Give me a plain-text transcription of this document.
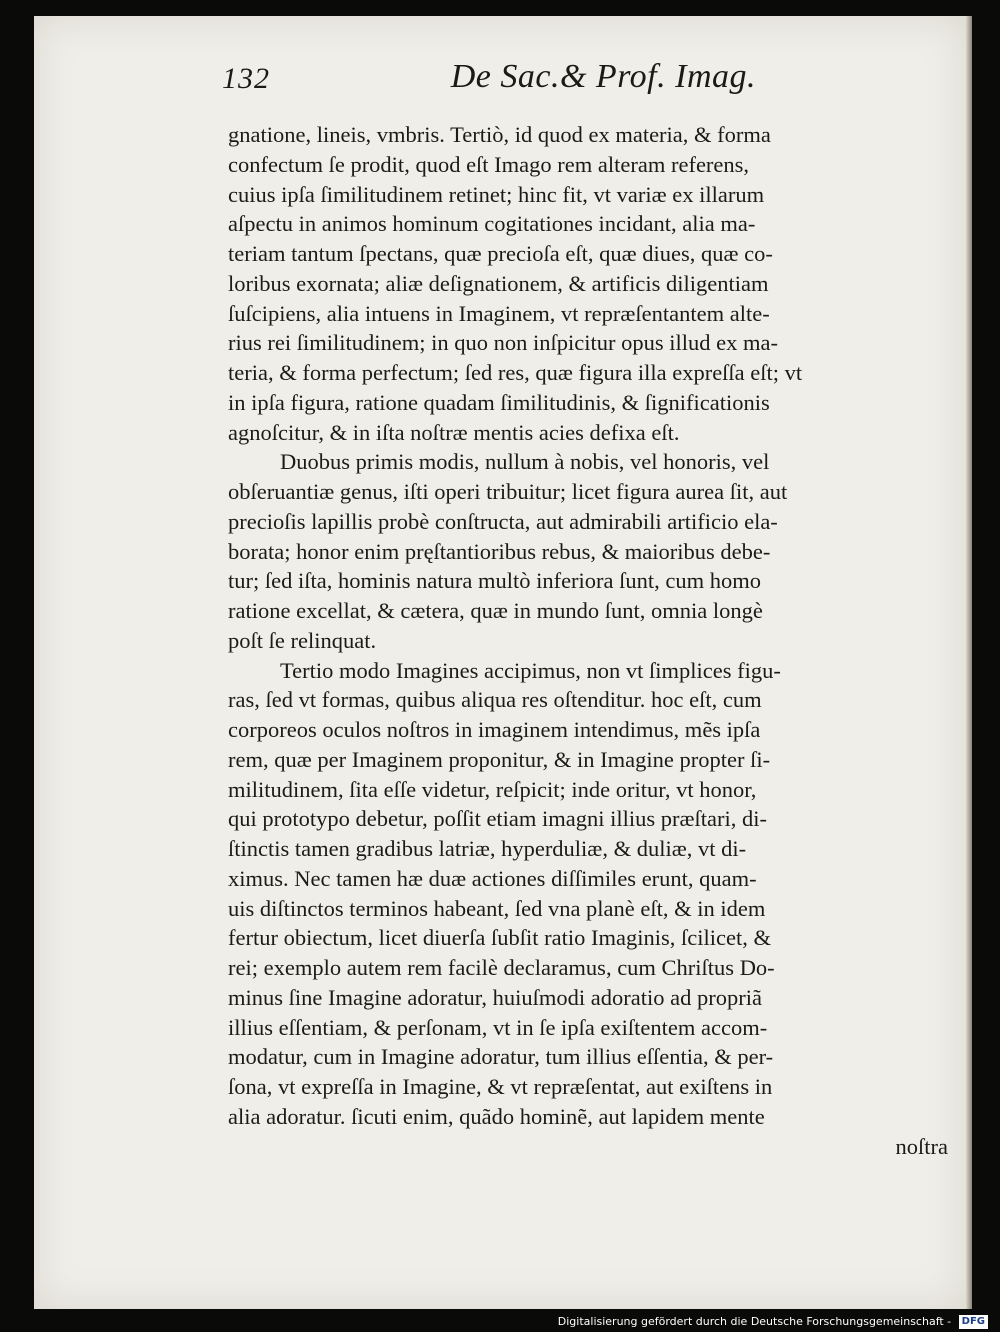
132	De Sac.& Prof. Imag.
gnatione, lineis, vmbris. Tertiò, id quod ex materia, & forma
confectum ſe prodit, quod eſt Imago rem alteram referens,
cuius ipſa ſimilitudinem retinet; hinc fit, vt variæ ex illarum
aſpectu in animos hominum cogitationes incidant, alia ma-
teriam tantum ſpectans, quæ precioſa eſt, quæ diues, quæ co-
loribus exornata; aliæ deſignationem, & artificis diligentiam
ſuſcipiens, alia intuens in Imaginem, vt repræſentantem alte-
rius rei ſimilitudinem; in quo non inſpicitur opus illud ex ma-
teria, & forma perfectum; ſed res, quæ figura illa expreſſa eſt; vt
in ipſa figura, ratione quadam ſimilitudinis, & ſignificationis
agnoſcitur, & in iſta noſtræ mentis acies defixa eſt.
Duobus primis modis, nullum à nobis, vel honoris, vel
obſeruantiæ genus, iſti operi tribuitur; licet figura aurea ſit, aut
precioſis lapillis probè conſtructa, aut admirabili artificio ela-
borata; honor enim pręſtantioribus rebus, & maioribus debe-
tur; ſed iſta, hominis natura multò inferiora ſunt, cum homo
ratione excellat, & cætera, quæ in mundo ſunt, omnia longè
poſt ſe relinquat.
Tertio modo Imagines accipimus, non vt ſimplices figu-
ras, ſed vt formas, quibus aliqua res oſtenditur. hoc eſt, cum
corporeos oculos noſtros in imaginem intendimus, mẽs ipſa
rem, quæ per Imaginem proponitur, & in Imagine propter ſi-
militudinem, ſita eſſe videtur, reſpicit; inde oritur, vt honor,
qui prototypo debetur, poſſit etiam imagni illius præſtari, di-
ſtinctis tamen gradibus latriæ, hyperduliæ, & duliæ, vt di-
ximus. Nec tamen hæ duæ actiones diſſimiles erunt, quam-
uis diſtinctos terminos habeant, ſed vna planè eſt, & in idem
fertur obiectum, licet diuerſa ſubſit ratio Imaginis, ſcilicet, &
rei; exemplo autem rem facilè declaramus, cum Chriſtus Do-
minus ſine Imagine adoratur, huiuſmodi adoratio ad propriã
illius eſſentiam, & perſonam, vt in ſe ipſa exiſtentem accom-
modatur, cum in Imagine adoratur, tum illius eſſentia, & per-
ſona, vt expreſſa in Imagine, & vt repræſentat, aut exiſtens in
alia adoratur. ſicuti enim, quãdo hominẽ, aut lapidem mente
noſtra
Digitalisierung gefördert durch die Deutsche Forschungsgemeinschaft - DFG
